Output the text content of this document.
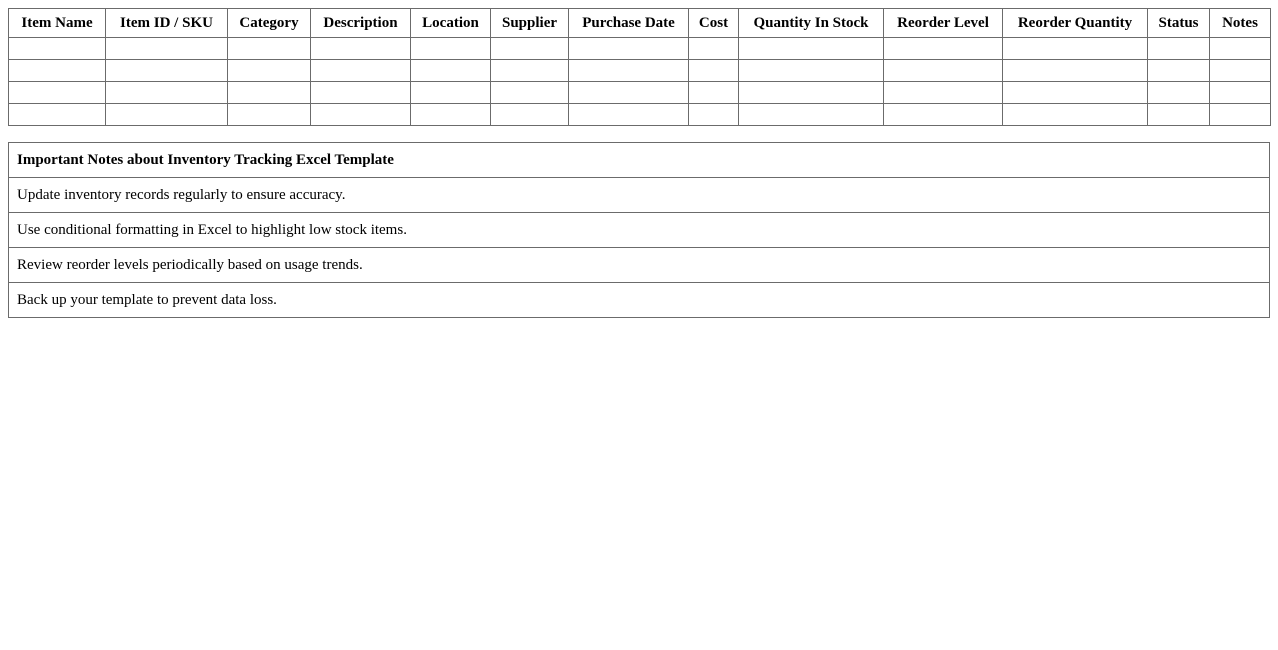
Item Name	Item ID / SKU	Category	Description	Location	Supplier	Purchase Date	Cost	Quantity In Stock	Reorder Level	Reorder Quantity	Status	Notes

Important Notes about Inventory Tracking Excel Template
Update inventory records regularly to ensure accuracy.
Use conditional formatting in Excel to highlight low stock items.
Review reorder levels periodically based on usage trends.
Back up your template to prevent data loss.
